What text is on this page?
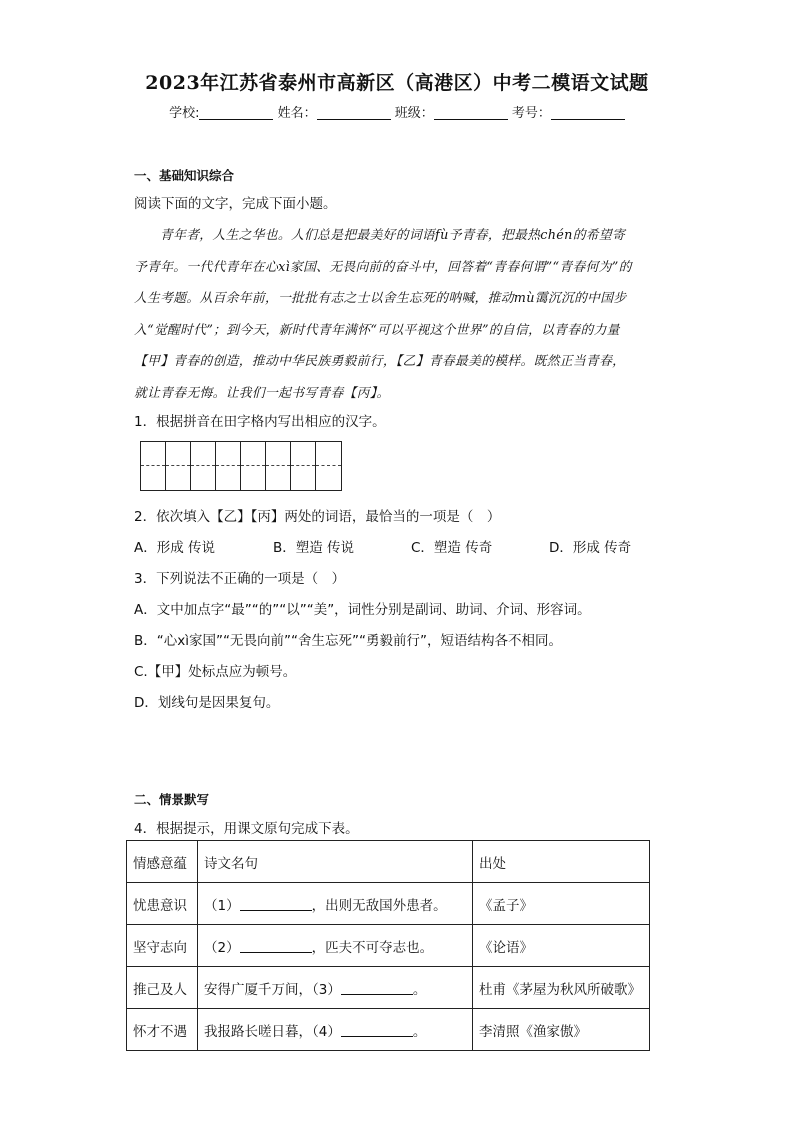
2023年江苏省泰州市高新区（高港区）中考二模语文试题
学校:	姓名：	班级：	考号：
一、基础知识综合
阅读下面的文字，完成下面小题。

青年者，人生之华也。人们总是把最美好的词语fù予青春，把最热chén的希望寄

予青年。一代代青年在心xì家国、无畏向前的奋斗中，回答着“青春何谓”“青春何为”的

人生考题。从百余年前，一批批有志之士以舍生忘死的呐喊，推动mù霭沉沉的中国步

入“觉醒时代”；到今天，新时代青年满怀“可以平视这个世界”的自信，以青春的力量

【甲】青春的创造，推动中华民族勇毅前行，【乙】青春最美的模样。既然正当青春，

就让青春无悔。让我们一起书写青春【丙】。

1．根据拼音在田字格内写出相应的汉字。
2．依次填入【乙】【丙】两处的词语，最恰当的一项是（　）
A．形成 传说	B．塑造 传说	C．塑造 传奇	D．形成 传奇
3．下列说法不正确的一项是（　）
A．文中加点字“最”“的”“以”“美”，词性分别是副词、助词、介词、形容词。
B．“心xì家国”“无畏向前”“舍生忘死”“勇毅前行”，短语结构各不相同。
C.【甲】处标点应为顿号。
D．划线句是因果复句。
二、情景默写
4．根据提示，用课文原句完成下表。
情感意蕴	诗文名句	出处
忧患意识	（1） ，出则无敌国外患者。	《孟子》
坚守志向	（2） ，匹夫不可夺志也。	《论语》
推己及人	安得广厦千万间，（3） 。	杜甫《茅屋为秋风所破歌》
怀才不遇	我报路长嗟日暮，（4） 。	李清照《渔家傲》
